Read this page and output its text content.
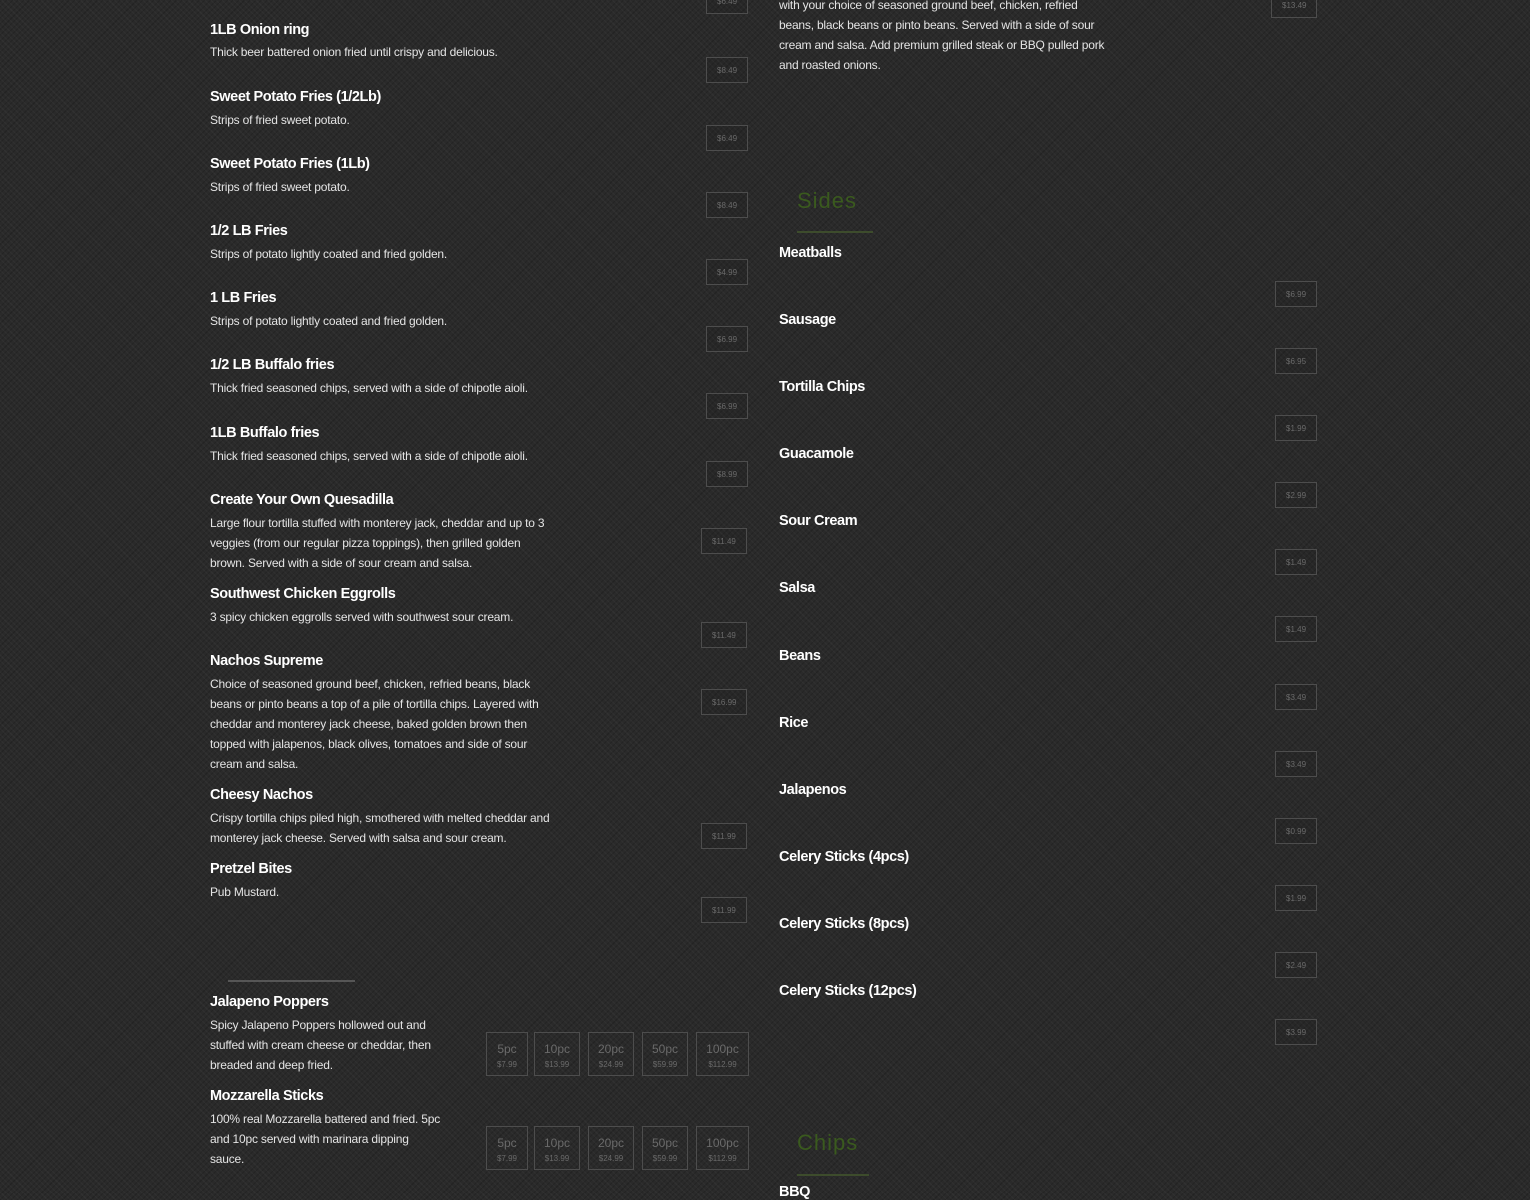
$6.49
1LB Onion ring
Thick beer battered onion fried until crispy and delicious.
$8.49
Sweet Potato Fries (1/2Lb)
Strips of fried sweet potato.
$6.49
Sweet Potato Fries (1Lb)
Strips of fried sweet potato.
$8.49
1/2 LB Fries
Strips of potato lightly coated and fried golden.
$4.99
1 LB Fries
Strips of potato lightly coated and fried golden.
$6.99
1/2 LB Buffalo fries
Thick fried seasoned chips, served with a side of chipotle aioli.
$6.99
1LB Buffalo fries
Thick fried seasoned chips, served with a side of chipotle aioli.
$8.99
Create Your Own Quesadilla
Large flour tortilla stuffed with monterey jack, cheddar and up to 3 veggies (from our regular pizza toppings), then grilled golden brown. Served with a side of sour cream and salsa.
$11.49
Southwest Chicken Eggrolls
3 spicy chicken eggrolls served with southwest sour cream.
$11.49
Nachos Supreme
Choice of seasoned ground beef, chicken, refried beans, black beans or pinto beans a top of a pile of tortilla chips. Layered with cheddar and monterey jack cheese, baked golden brown then topped with jalapenos, black olives, tomatoes and side of sour cream and salsa.
$16.99
Cheesy Nachos
Crispy tortilla chips piled high, smothered with melted cheddar and monterey jack cheese. Served with salsa and sour cream.	$11.99
Pretzel Bites
Pub Mustard.
$11.99
Jalapeno Poppers
Spicy Jalapeno Poppers hollowed out and stuffed with cream cheese or cheddar, then breaded and deep fried.
5pc
$7.99
10pc
$13.99
20pc
$24.99
50pc
$59.99
100pc
$112.99
Mozzarella Sticks
100% real Mozzarella battered and fried. 5pc and 10pc served with marinara dipping sauce.
5pc
$7.99
10pc
$13.99
20pc
$24.99
50pc
$59.99
100pc
$112.99
with your choice of seasoned ground beef, chicken, refried beans, black beans or pinto beans. Served with a side of sour cream and salsa. Add premium grilled steak or BBQ pulled pork and roasted onions.
$13.49
Sides
Meatballs
$6.99
Sausage
$6.95
Tortilla Chips
$1.99
Guacamole
$2.99
Sour Cream
$1.49
Salsa
$1.49
Beans
$3.49
Rice
$3.49
Jalapenos
$0.99
Celery Sticks (4pcs)
$1.99
Celery Sticks (8pcs)
$2.49
Celery Sticks (12pcs)
$3.99
Chips
BBQ
